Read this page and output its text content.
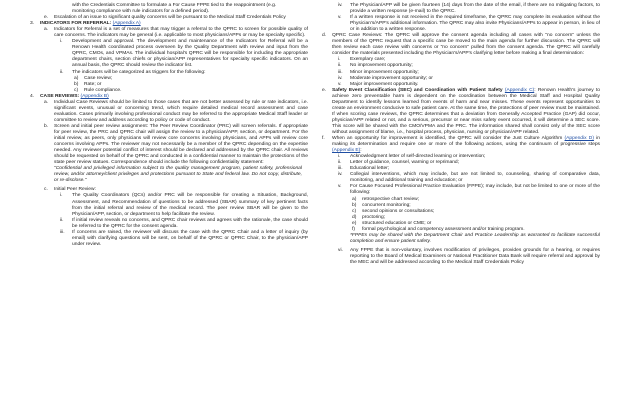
with the Credentials Committee to formulate a For Cause FPPE tied to the reappointment (e.g.

monitoring compliance with rule indicators for a defined period).

e.	Escalation of an issue to significant quality concerns will be pursuant to the Medical Staff Credentials Policy
3.	INDICATORS FOR REFERRAL: (Appendix A)
a.	Indicators for Referral is a set of measures that may trigger a referral to the QPRC to screen for possible quality of care concerns. The indicators may be general (i.e. applicable to most physicians/APPs or may be specialty specific).
i.	Development and approval. The development and maintenance of the Indicators for Referral will be a Renown Health coordinated process overseen by the Quality Department with review and input from the QPRC, CMOs, and VPMAs. The individual hospital's QPRC will be responsible for including the appropriate department chairs, section chiefs or physician/APP representatives for specialty specific indicators. On an annual basis, the QPRC should review the indicator list.
ii.	The indicators will be categorized as triggers for the following:
a)	Case review;
b)	Rate; or
c)	Rule compliance.
4.	CASE REVIEWS: (Appendix B)
a.	Individual Case Reviews should be limited to those cases that are not better assessed by rule or rate indicators, i.e. significant events, unusual or concerning trend, which require detailed medical record assessment and case evaluation. Cases primarily involving professional conduct may be referred to the appropriate Medical Staff leader or committee to review and address according to policy or code of conduct.
b.	Screen and initial peer review assignment: The Peer Review Coordinator (PRC) will screen referrals. If appropriate for peer review, the PRC and QPRC chair will assign the review to a physician/APP, section, or department. For the initial review, as peers, only physicians will review core concerns involving physicians, and APPs will review core concerns involving APPs. The reviewer may not necessarily be a member of the QPRC depending on the expertise needed. Any reviewer potential conflict of interest should be declared and addressed by the QPRC chair. All reviews should be requested on behalf of the QPRC and conducted in a confidential manner to maintain the protections of the state peer review statues. Correspondence should include the following confidentiality statement:

"Confidential and privileged information subject to the quality management program, patient safety, professional review, and/or attorney/client privileges and protections pursuant to State and federal law. Do not copy, distribute, or re-disclose."

c.	Initial Peer Review:
i.	The Quality Coordinators (QCs) and/or PRC will be responsible for creating a Situation, Background, Assessment, and Recommendation of questions to be addressed (SBAR) summary of key pertinent facts from the initial referral and review of the medical record. The peer review SBAR will be given to the Physician/APP, section, or department to help facilitate the review.
ii.	If initial review reveals no concerns, and QPRC chair reviews and agrees with the rationale, the case should be referred to the QPRC for the consent agenda.
iii.	If concerns are raised, the reviewer will discuss the case with the QPRC Chair and a letter of inquiry (by email) with clarifying questions will be sent, on behalf of the QPRC or QPRC Chair, to the physician/APP under review.
iv.	The Physician/APP will be given fourteen (14) days from the date of the email, if there are no mitigating factors, to provide a written response (e-mail) to the QPRC.
v.	If a written response is not received in the required timeframe, the QPRC may complete its evaluation without the Physician's/APP's additional information. The QPRC may also invite Physicians/APPs to appear in person, in lieu of or in addition to a written response.
d.	QPRC Case Reviews: The QPRC will approve the consent agenda including all cases with "no concern" unless the members of the QPRC request that a specific case be moved to the main agenda for further discussion. The QPRC will then review each case review with concerns or "no concern" pulled from the consent agenda. The QPRC will carefully consider the materials presented including the Physician's/APP's clarifying letter before making a final determination:
i.	Exemplary care;
ii.	No improvement opportunity;
iii.	Minor improvement opportunity;
iv.	Moderate improvement opportunity; or
v.	Major improvement opportunity.
e.	Safety Event Classification (SEC) and Coordination with Patient Safety (Appendix C): Renown Health's journey to achieve zero preventable harm is dependent on the coordination between the Medical Staff and Hospital Quality Department to identify lessons learned from events of harm and near misses. These events represent opportunities to create an environment conducive to safe patient care. At the same time, the protections of peer review must be maintained. If when scoring case reviews, the QPRC determines that a deviation from Generally Accepted Practice (GAP) did occur, physician/APP related or not, and a serious, precursor or near miss safety event occurred, it will determine a SEC score. This score will be shared with the CMO/VPMA and the PRC. The information shared shall consist only of the SEC score without assignment of blame, i.e., hospital process, physician, nursing or physician/APP related.
f.	When an opportunity for improvement is identified, the QPRC will consider the Just Culture Algorithm (Appendix D) in making its determination and require one or more of the following actions, using the continuum of progressive steps (Appendix E):
i.	Acknowledgment letter of self-directed learning or intervention;
ii.	Letter of guidance, counsel, warning or reprimand;
iii.	Educational letter;
iv.	Collegial interventions, which may include, but are not limited to, counseling, sharing of comparative data, monitoring, and additional training and education; or
v.	For Cause Focused Professional Practice Evaluation (FPPE); may include, but not be limited to one or more of the following:
a)	retrospective chart review;
b)	concurrent monitoring;
c)	second opinions or consultations;
d)	proctoring;
e)	structured education or CME; or
f)	formal psychological and competency assessment and/or training program.

*FPPEs may be shared with the Department Chair and Practice Leadership as warranted to facilitate successful completion and ensure patient safety.

vi.	Any FPPE that is non-voluntary, involves modification of privileges, provides grounds for a hearing, or requires reporting to the Board of Medical Examiners or National Practitioner Data Bank will require referral and approval by the MEC and will be addressed according to the Medical Staff Credentials Policy
